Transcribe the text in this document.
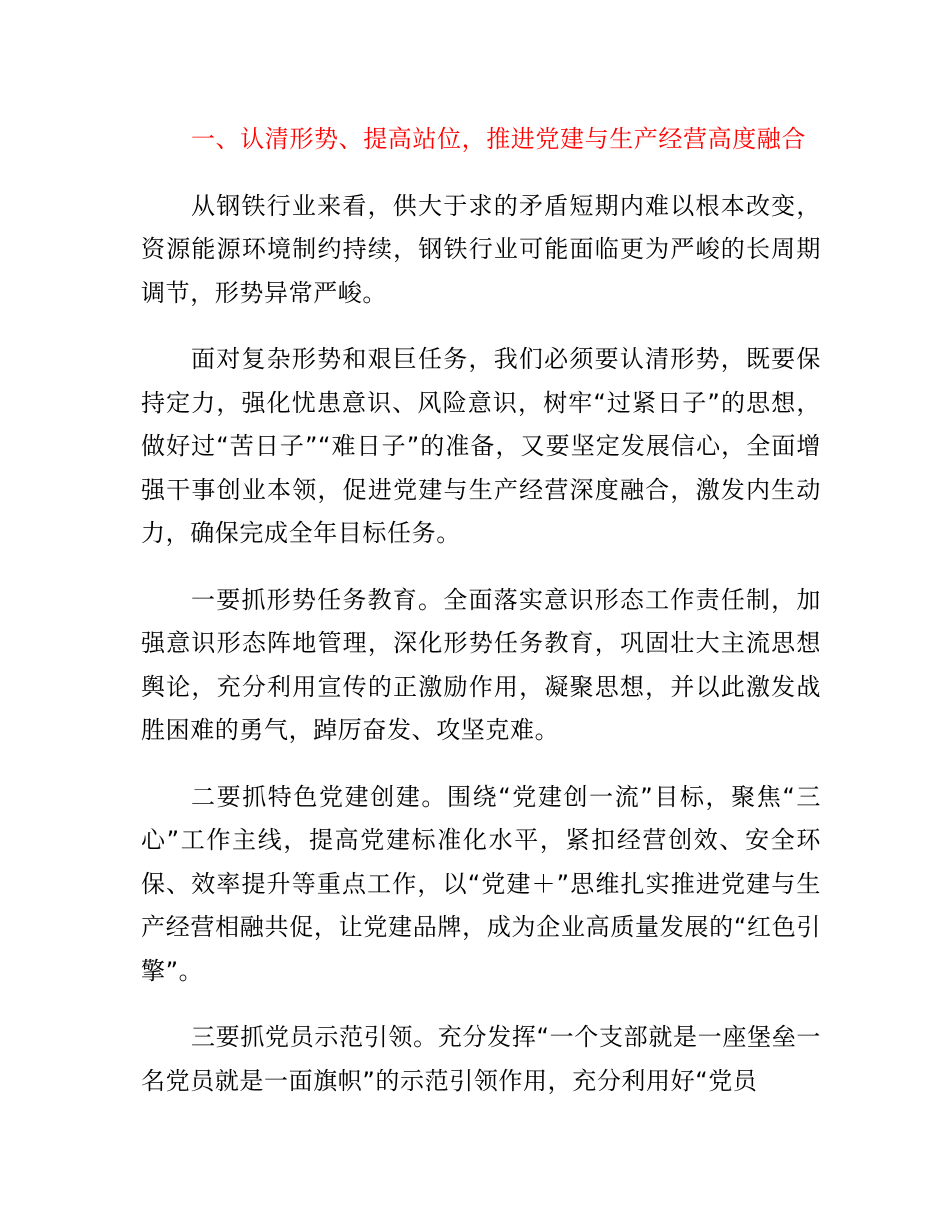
一、认清形势、提高站位，推进党建与生产经营高度融合

从钢铁行业来看，供大于求的矛盾短期内难以根本改变，资源能源环境制约持续，钢铁行业可能面临更为严峻的长周期调节，形势异常严峻。

面对复杂形势和艰巨任务，我们必须要认清形势，既要保持定力，强化忧患意识、风险意识，树牢“过紧日子”的思想，做好过“苦日子”“难日子”的准备，又要坚定发展信心，全面增强干事创业本领，促进党建与生产经营深度融合，激发内生动力，确保完成全年目标任务。

一要抓形势任务教育。全面落实意识形态工作责任制，加强意识形态阵地管理，深化形势任务教育，巩固壮大主流思想舆论，充分利用宣传的正激励作用，凝聚思想，并以此激发战胜困难的勇气，踔厉奋发、攻坚克难。

二要抓特色党建创建。围绕“党建创一流”目标，聚焦“三心”工作主线，提高党建标准化水平，紧扣经营创效、安全环保、效率提升等重点工作，以“党建＋”思维扎实推进党建与生产经营相融共促，让党建品牌，成为企业高质量发展的“红色引擎”。

三要抓党员示范引领。充分发挥“一个支部就是一座堡垒一名党员就是一面旗帜”的示范引领作用，充分利用好“党员
